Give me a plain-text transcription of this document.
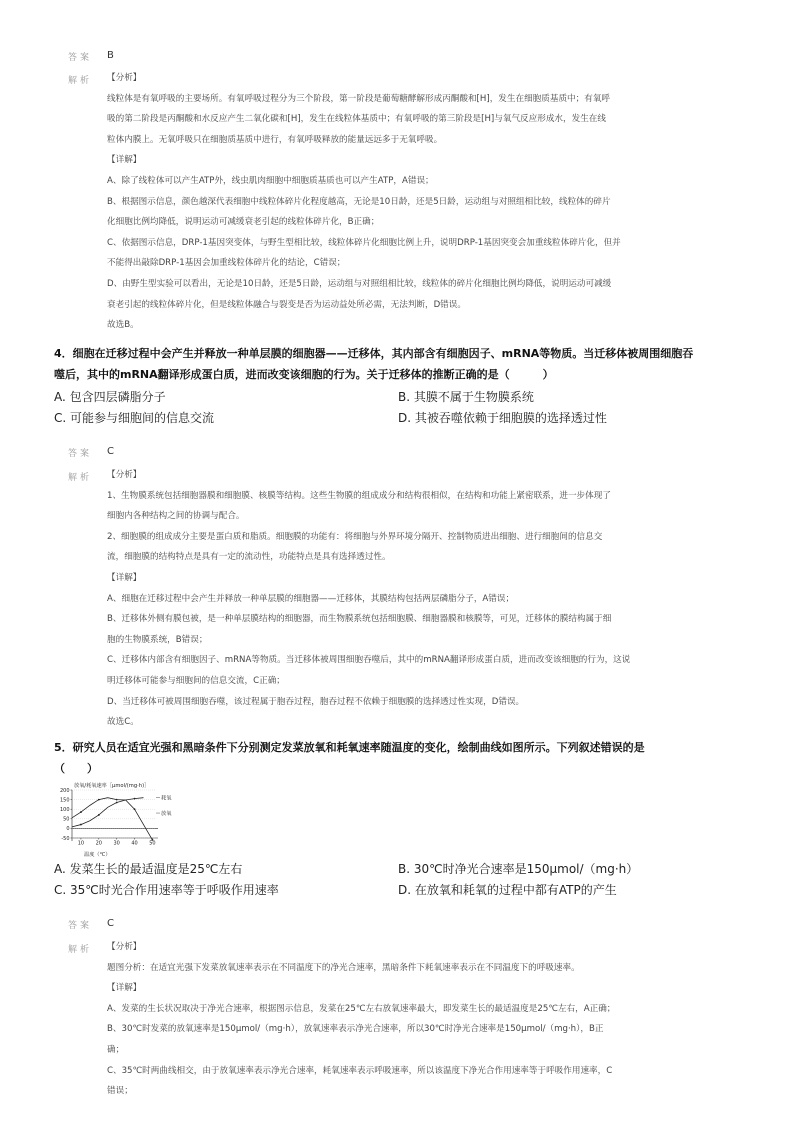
答案 B
解析 【分析】
线粒体是有氧呼吸的主要场所。有氧呼吸过程分为三个阶段，第一阶段是葡萄糖酵解形成丙酮酸和[H]，发生在细胞质基质中；有氧呼
吸的第二阶段是丙酮酸和水反应产生二氧化碳和[H]，发生在线粒体基质中；有氧呼吸的第三阶段是[H]与氧气反应形成水，发生在线
粒体内膜上。无氧呼吸只在细胞质基质中进行，有氧呼吸释放的能量远远多于无氧呼吸。
【详解】
A、除了线粒体可以产生ATP外，线虫肌肉细胞中细胞质基质也可以产生ATP，A错误；
B、根据图示信息，颜色越深代表细胞中线粒体碎片化程度越高，无论是10日龄，还是5日龄，运动组与对照组相比较，线粒体的碎片
化细胞比例均降低，说明运动可减缓衰老引起的线粒体碎片化，B正确；
C、依据图示信息，DRP-1基因突变体，与野生型相比较，线粒体碎片化细胞比例上升，说明DRP-1基因突变会加重线粒体碎片化，但并
不能得出敲除DRP-1基因会加重线粒体碎片化的结论，C错误；
D、由野生型实验可以看出，无论是10日龄，还是5日龄，运动组与对照组相比较，线粒体的碎片化细胞比例均降低，说明运动可减缓
衰老引起的线粒体碎片化，但是线粒体融合与裂变是否为运动益处所必需，无法判断，D错误。
故选B。
4．细胞在迁移过程中会产生并释放一种单层膜的细胞器——迁移体，其内部含有细胞因子、mRNA等物质。当迁移体被周围细胞吞
噬后，其中的mRNA翻译形成蛋白质，进而改变该细胞的行为。关于迁移体的推断正确的是（　　　）
A. 包含四层磷脂分子	B. 其膜不属于生物膜系统
C. 可能参与细胞间的信息交流	D. 其被吞噬依赖于细胞膜的选择透过性
答案 C
解析 【分析】
1、生物膜系统包括细胞器膜和细胞膜、核膜等结构。这些生物膜的组成成分和结构很相似，在结构和功能上紧密联系，进一步体现了
细胞内各种结构之间的协调与配合。
2、细胞膜的组成成分主要是蛋白质和脂质。细胞膜的功能有：将细胞与外界环境分隔开、控制物质进出细胞、进行细胞间的信息交
流，细胞膜的结构特点是具有一定的流动性，功能特点是具有选择透过性。
【详解】
A、细胞在迁移过程中会产生并释放一种单层膜的细胞器——迁移体，其膜结构包括两层磷脂分子，A错误；
B、迁移体外侧有膜包被，是一种单层膜结构的细胞器，而生物膜系统包括细胞膜、细胞器膜和核膜等，可见，迁移体的膜结构属于细
胞的生物膜系统，B错误；
C、迁移体内部含有细胞因子、mRNA等物质。当迁移体被周围细胞吞噬后，其中的mRNA翻译形成蛋白质，进而改变该细胞的行为，这说
明迁移体可能参与细胞间的信息交流，C正确；
D、当迁移体可被周围细胞吞噬，该过程属于胞吞过程，胞吞过程不依赖于细胞膜的选择透过性实现，D错误。
故选C。
5．研究人员在适宜光强和黑暗条件下分别测定发菜放氧和耗氧速率随温度的变化，绘制曲线如图所示。下列叙述错误的是
（　　）
放氧/耗氧速率［μmol/(mg·h)］
200
150
100
50
0
-50
10 20 30 40 50
温度（℃）
耗氧
放氧
A. 发菜生长的最适温度是25℃左右	B. 30℃时净光合速率是150μmol/（mg·h）
C. 35℃时光合作用速率等于呼吸作用速率	D. 在放氧和耗氧的过程中都有ATP的产生
答案 C
解析 【分析】
题图分析：在适宜光强下发菜放氧速率表示在不同温度下的净光合速率，黑暗条件下耗氧速率表示在不同温度下的呼吸速率。
【详解】
A、发菜的生长状况取决于净光合速率，根据图示信息，发菜在25℃左右放氧速率最大，即发菜生长的最适温度是25℃左右，A正确；
B、30℃时发菜的放氧速率是150μmol/（mg·h），放氧速率表示净光合速率，所以30℃时净光合速率是150μmol/（mg·h），B正
确；
C、35℃时两曲线相交，由于放氧速率表示净光合速率，耗氧速率表示呼吸速率，所以该温度下净光合作用速率等于呼吸作用速率，C
错误；
